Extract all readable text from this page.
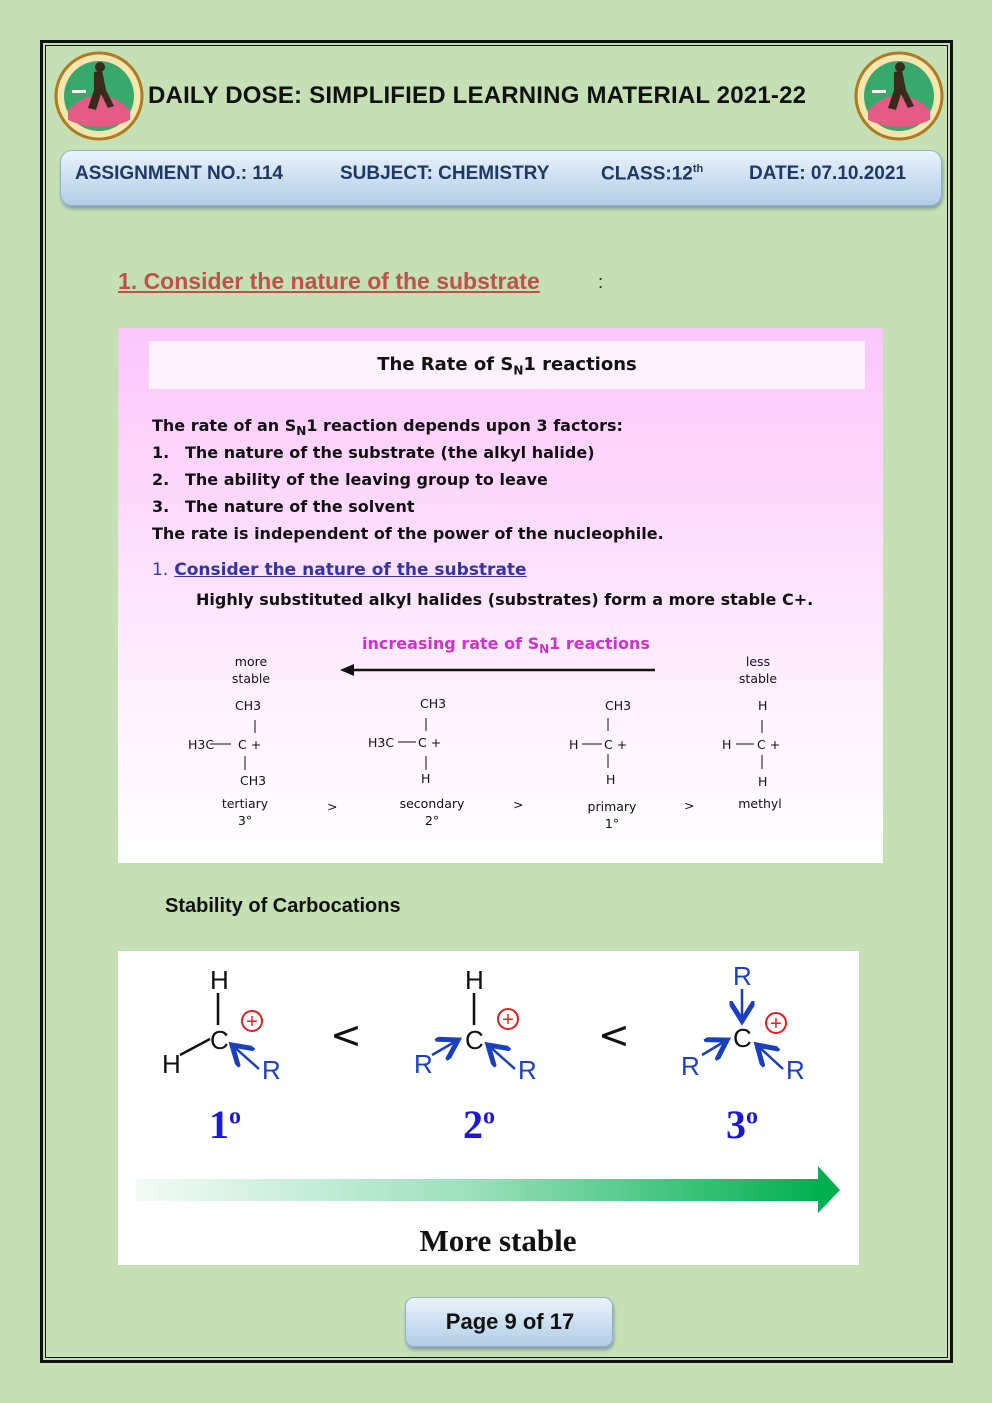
DAILY DOSE: SIMPLIFIED LEARNING MATERIAL 2021-22
ASSIGNMENT NO.: 114	SUBJECT: CHEMISTRY	CLASS:12th DATE: 07.10.2021
1. Consider the nature of the substrate	:
The Rate of $S_N1$ reactions
The rate of an $S_N1$ reaction depends upon 3 factors:
1. The nature of the substrate (the alkyl halide)
2. The ability of the leaving group to leave
3. The nature of the solvent
The rate is independent of the power of the nucleophile.
1. Consider the nature of the substrate
Highly substituted alkyl halides (substrates) form a more stable C+.
increasing rate of $S_N1$ reactions
more
stable
less
stable
CH3
H3C C +
CH3
tertiary
3°
CH3
H3C C +
H
secondary
2°
CH3
H C +
H
primary
1°
H
H C +
H
methyl
>	>	>
Stability of Carbocations
H
C
H	R
+
H
C
R	R
+
R
C
R	R
+
<	<
$1^o$	2$^o$	3$^o$
More stable
Page 9 of 17
